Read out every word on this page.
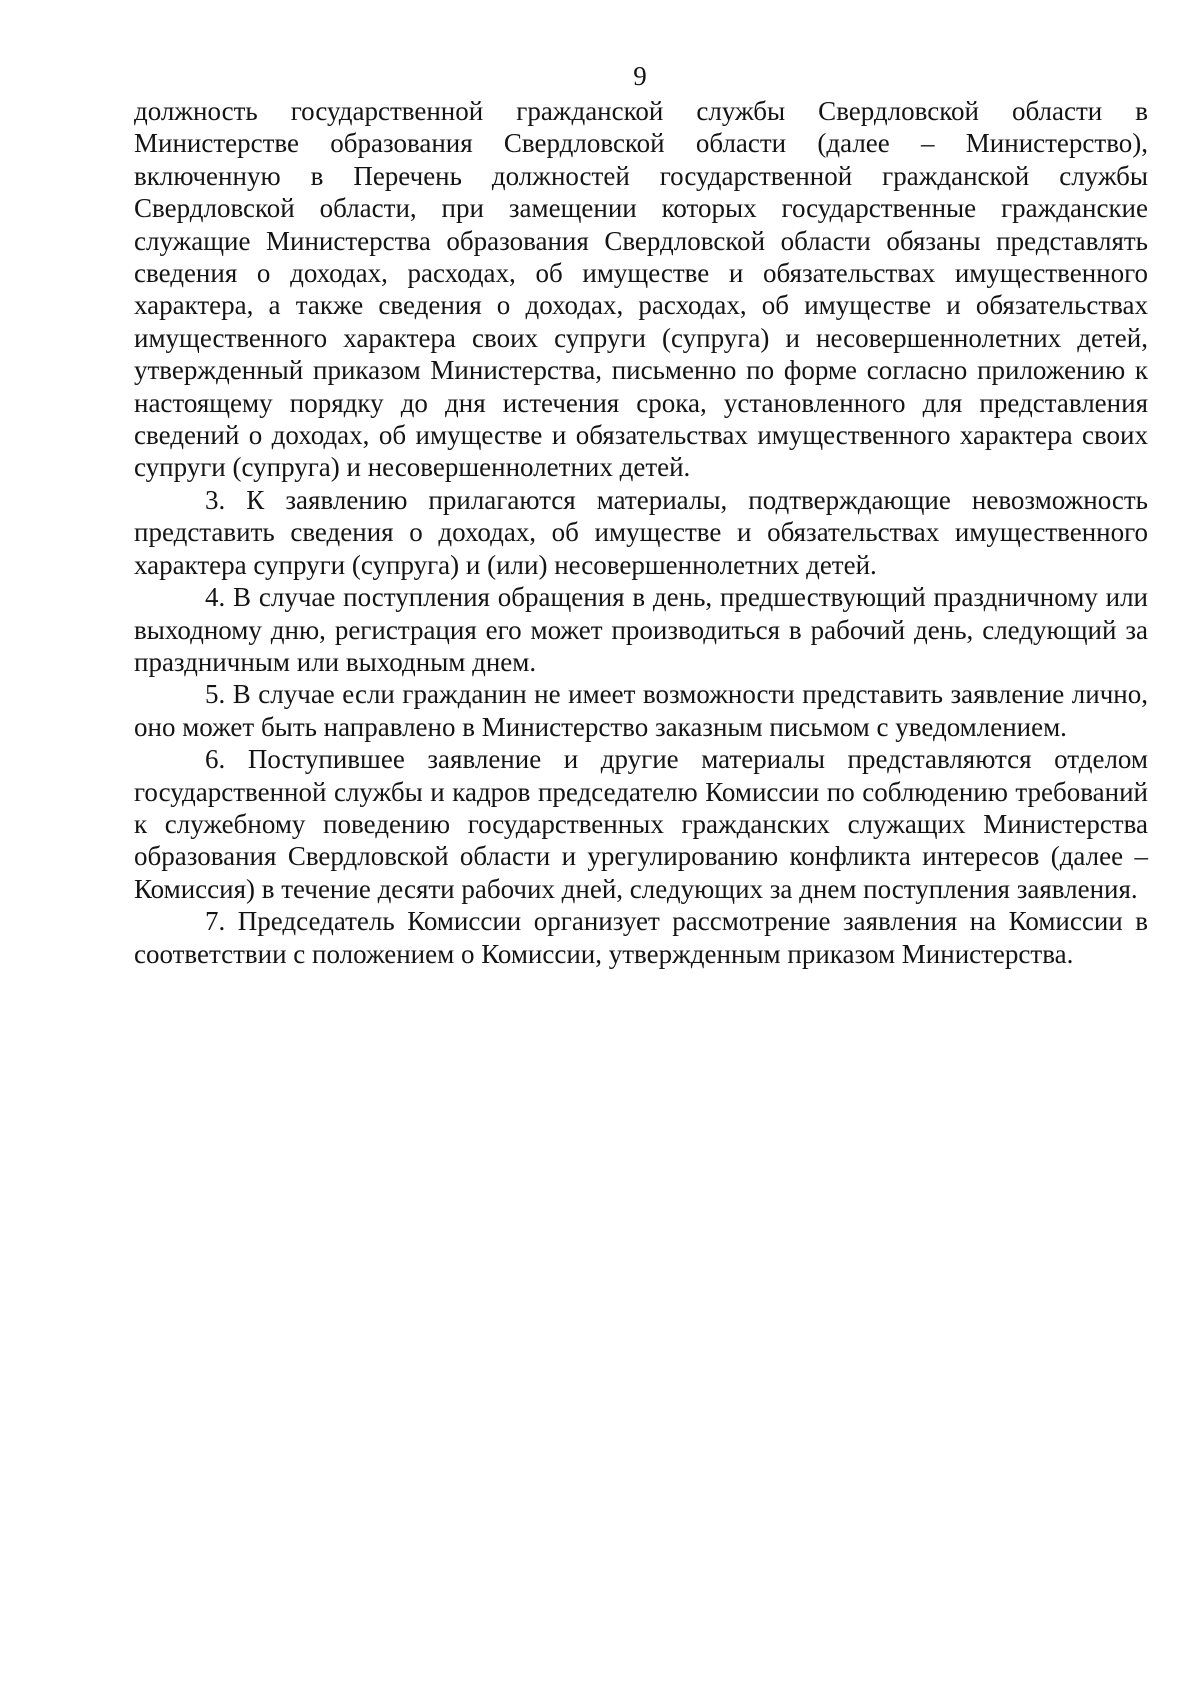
9

должность государственной гражданской службы Свердловской области в Министерстве образования Свердловской области (далее – Министерство), включенную в Перечень должностей государственной гражданской службы Свердловской области, при замещении которых государственные гражданские служащие Министерства образования Свердловской области обязаны представлять сведения о доходах, расходах, об имуществе и обязательствах имущественного характера, а также сведения о доходах, расходах, об имуществе и обязательствах имущественного характера своих супруги (супруга) и несовершеннолетних детей, утвержденный приказом Министерства, письменно по форме согласно приложению к настоящему порядку до дня истечения срока, установленного для представления сведений о доходах, об имуществе и обязательствах имущественного характера своих супруги (супруга) и несовершеннолетних детей.

3. К заявлению прилагаются материалы, подтверждающие невозможность представить сведения о доходах, об имуществе и обязательствах имущественного характера супруги (супруга) и (или) несовершеннолетних детей.

4. В случае поступления обращения в день, предшествующий праздничному или выходному дню, регистрация его может производиться в рабочий день, следующий за праздничным или выходным днем.

5. В случае если гражданин не имеет возможности представить заявление лично, оно может быть направлено в Министерство заказным письмом с уведомлением.

6. Поступившее заявление и другие материалы представляются отделом государственной службы и кадров председателю Комиссии по соблюдению требований к служебному поведению государственных гражданских служащих Министерства образования Свердловской области и урегулированию конфликта интересов (далее – Комиссия) в течение десяти рабочих дней, следующих за днем поступления заявления.

7. Председатель Комиссии организует рассмотрение заявления на Комиссии в соответствии с положением о Комиссии, утвержденным приказом Министерства.
